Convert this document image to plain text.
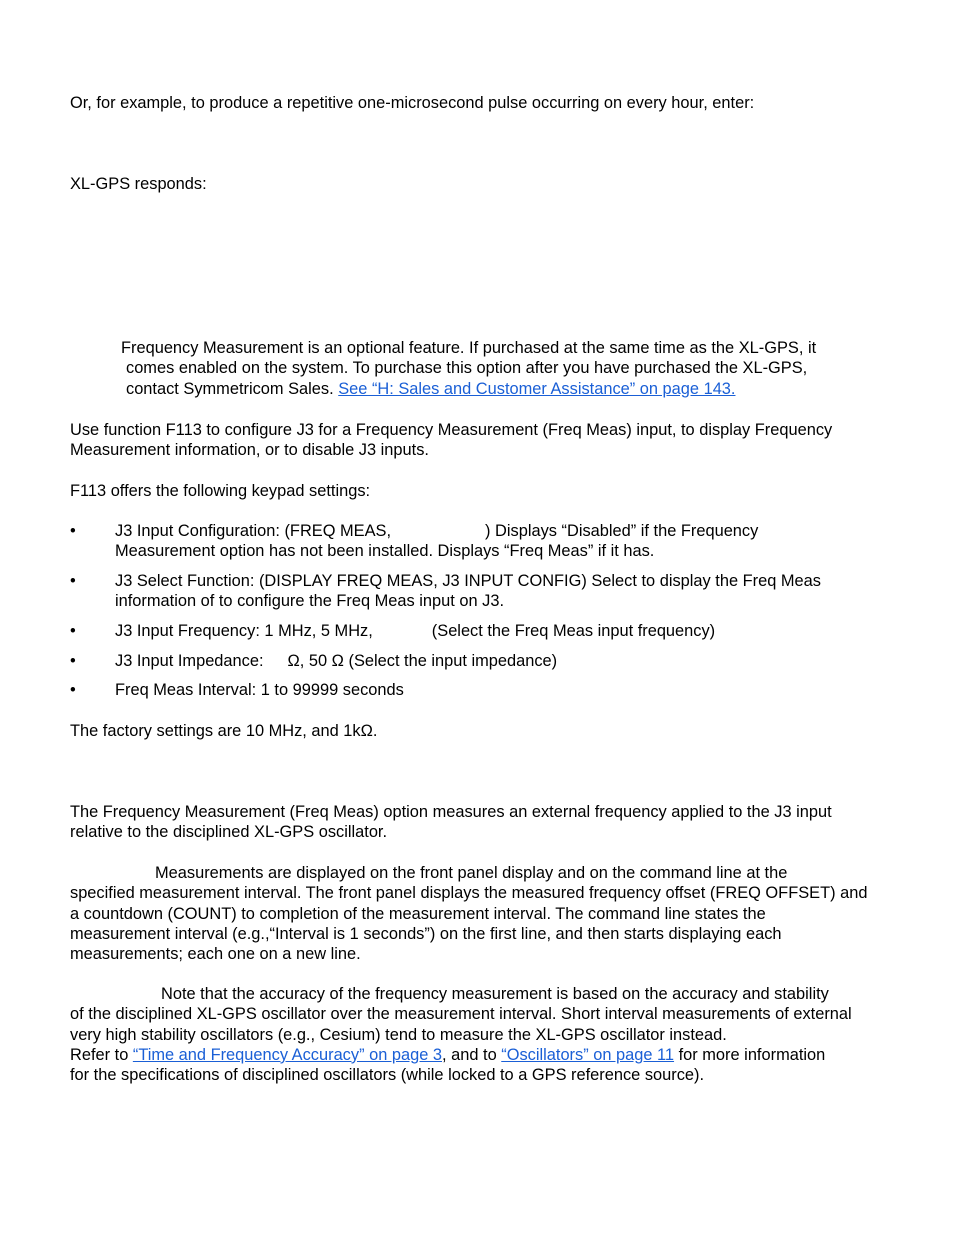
Or, for example, to produce a repetitive one-microsecond pulse occurring on every hour, enter:

XL-GPS responds:

Frequency Measurement is an optional feature. If purchased at the same time as the XL-GPS, it
comes enabled on the system. To purchase this option after you have purchased the XL-GPS,
contact Symmetricom Sales. See “H: Sales and Customer Assistance” on page 143.

Use function F113 to configure J3 for a Frequency Measurement (Freq Meas) input, to display Frequency Measurement information, or to disable J3 inputs.

F113 offers the following keypad settings:

• J3 Input Configuration: (FREQ MEAS,	) Displays “Disabled” if the Frequency Measurement option has not been installed. Displays “Freq Meas” if it has.
• J3 Select Function: (DISPLAY FREQ MEAS, J3 INPUT CONFIG) Select to display the Freq Meas information of to configure the Freq Meas input on J3.
• J3 Input Frequency: 1 MHz, 5 MHz,	(Select the Freq Meas input frequency)
• J3 Input Impedance: Ω, 50 Ω (Select the input impedance)
• Freq Meas Interval: 1 to 99999 seconds

The factory settings are 10 MHz, and 1kΩ.

The Frequency Measurement (Freq Meas) option measures an external frequency applied to the J3 input relative to the disciplined XL-GPS oscillator.

Measurements are displayed on the front panel display and on the command line at the
specified measurement interval. The front panel displays the measured frequency offset (FREQ OFFSET) and a countdown (COUNT) to completion of the measurement interval. The command line states the measurement interval (e.g.,“Interval is 1 seconds”) on the first line, and then starts displaying each measurements; each one on a new line.
Note that the accuracy of the frequency measurement is based on the accuracy and stability
of the disciplined XL-GPS oscillator over the measurement interval. Short interval measurements of external very high stability oscillators (e.g., Cesium) tend to measure the XL-GPS oscillator instead.
Refer to “Time and Frequency Accuracy” on page 3, and to “Oscillators” on page 11 for more information
for the specifications of disciplined oscillators (while locked to a GPS reference source).
